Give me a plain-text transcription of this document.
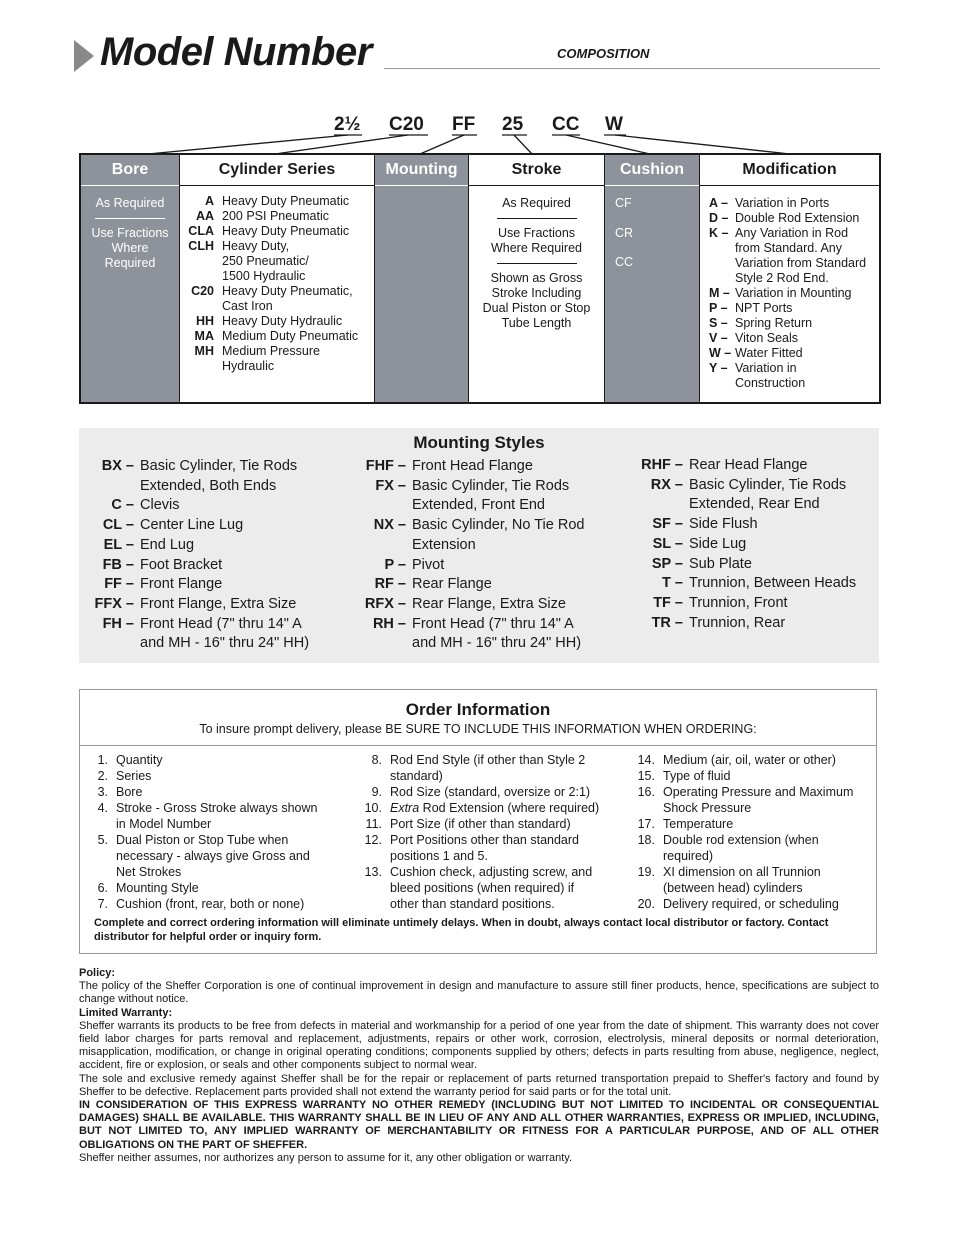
Model Number	COMPOSITION
2½ C20 FF 25 CC W
Bore
As Required
Use Fractions Where Required
Cylinder Series
A Heavy Duty Pneumatic
AA 200 PSI Pneumatic
CLA Heavy Duty Pneumatic
CLH Heavy Duty,
250 Pneumatic/
1500 Hydraulic
C20 Heavy Duty Pneumatic,
Cast Iron
HH Heavy Duty Hydraulic
MA Medium Duty Pneumatic
MH Medium Pressure
Hydraulic
Mounting	Stroke
As Required
Use Fractions Where Required
Shown as Gross Stroke Including Dual Piston or Stop Tube Length
Cushion
CF
CR
CC
Modification
A – Variation in Ports
D – Double Rod Extension
K – Any Variation in Rod
from Standard. Any
Variation from Standard
Style 2 Rod End.
M – Variation in Mounting
P – NPT Ports
S – Spring Return
V – Viton Seals
W – Water Fitted
Y – Variation in
Construction
Mounting Styles
BX – Basic Cylinder, Tie Rods
Extended, Both Ends
C – Clevis
CL – Center Line Lug
EL – End Lug
FB – Foot Bracket
FF – Front Flange
FFX – Front Flange, Extra Size
FH – Front Head (7" thru 14" A
and MH - 16" thru 24" HH)
FHF – Front Head Flange
FX – Basic Cylinder, Tie Rods
Extended, Front End
NX – Basic Cylinder, No Tie Rod
Extension
P – Pivot
RF – Rear Flange
RFX – Rear Flange, Extra Size
RH – Front Head (7" thru 14" A
and MH - 16" thru 24" HH)
RHF – Rear Head Flange
RX – Basic Cylinder, Tie Rods
Extended, Rear End
SF – Side Flush
SL – Side Lug
SP – Sub Plate
T – Trunnion, Between Heads
TF – Trunnion, Front
TR – Trunnion, Rear
Order Information
To insure prompt delivery, please BE SURE TO INCLUDE THIS INFORMATION WHEN ORDERING:
1. Quantity
2. Series
3. Bore
4. Stroke - Gross Stroke always shown
in Model Number
5. Dual Piston or Stop Tube when
necessary - always give Gross and
Net Strokes
6. Mounting Style
7. Cushion (front, rear, both or none)
8. Rod End Style (if other than Style 2
standard)
9. Rod Size (standard, oversize or 2:1)
10. Extra Rod Extension (where required)
11. Port Size (if other than standard)
12. Port Positions other than standard
positions 1 and 5.
13. Cushion check, adjusting screw, and
bleed positions (when required) if
other than standard positions.
14. Medium (air, oil, water or other)
15. Type of fluid
16. Operating Pressure and Maximum
Shock Pressure
17. Temperature
18. Double rod extension (when
required)
19. XI dimension on all Trunnion
(between head) cylinders
20. Delivery required, or scheduling
Complete and correct ordering information will eliminate untimely delays. When in doubt, always contact local distributor or factory. Contact distributor for helpful order or inquiry form.

Policy:

The policy of the Sheffer Corporation is one of continual improvement in design and manufacture to assure still finer products, hence, specifications are subject to change without notice.

Limited Warranty:

Sheffer warrants its products to be free from defects in material and workmanship for a period of one year from the date of shipment. This warranty does not cover field labor charges for parts removal and replacement, adjustments, repairs or other work, corrosion, electrolysis, mineral deposits or normal deterioration, misapplication, modification, or change in original operating conditions; components supplied by others; defects in parts resulting from abuse, negligence, neglect, accident, fire or explosion, or seals and other components subject to normal wear.

The sole and exclusive remedy against Sheffer shall be for the repair or replacement of parts returned transportation prepaid to Sheffer's factory and found by Sheffer to be defective. Replacement parts provided shall not extend the warranty period for said parts or for the total unit.

IN CONSIDERATION OF THIS EXPRESS WARRANTY NO OTHER REMEDY (INCLUDING BUT NOT LIMITED TO INCIDENTAL OR CONSEQUENTIAL DAMAGES) SHALL BE AVAILABLE. THIS WARRANTY SHALL BE IN LIEU OF ANY AND ALL OTHER WARRANTIES, EXPRESS OR IMPLIED, INCLUDING, BUT NOT LIMITED TO, ANY IMPLIED WARRANTY OF MERCHANTABILITY OR FITNESS FOR A PARTICULAR PURPOSE, AND OF ALL OTHER OBLIGATIONS ON THE PART OF SHEFFER.

Sheffer neither assumes, nor authorizes any person to assume for it, any other obligation or warranty.
